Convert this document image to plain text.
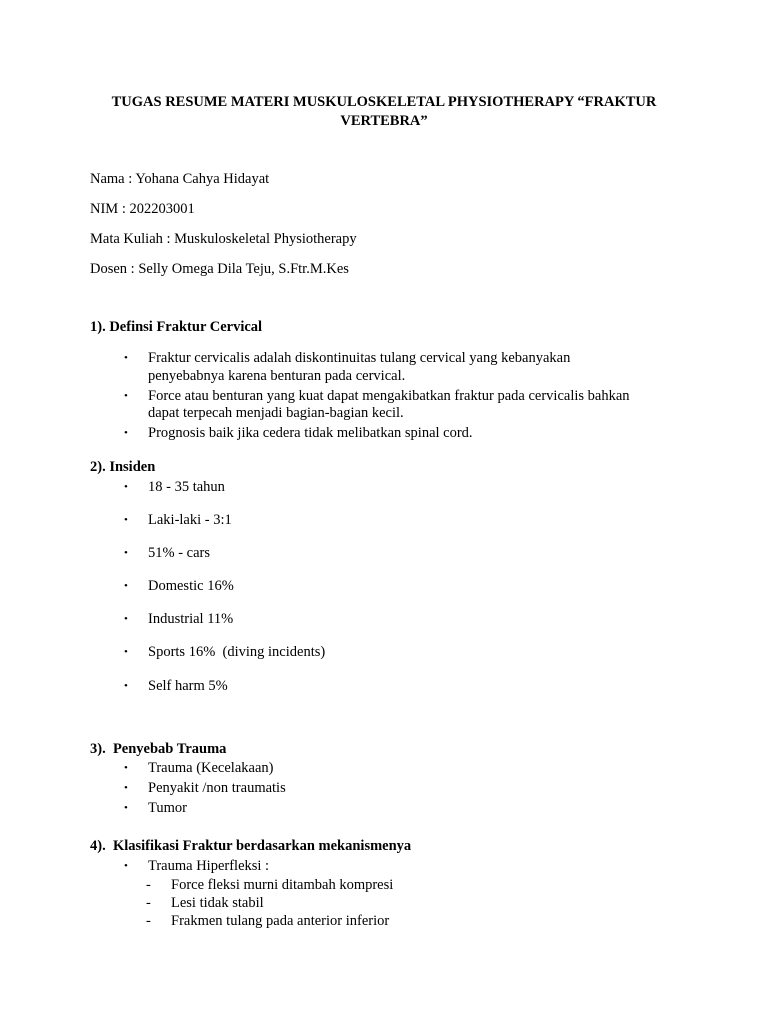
TUGAS RESUME MATERI MUSKULOSKELETAL PHYSIOTHERAPY “FRAKTUR
VERTEBRA”
Nama : Yohana Cahya Hidayat
NIM : 202203001
Mata Kuliah : Muskuloskeletal Physiotherapy
Dosen : Selly Omega Dila Teju, S.Ftr.M.Kes
1). Definsi Fraktur Cervical
• Fraktur cervicalis adalah diskontinuitas tulang cervical yang kebanyakan
penyebabnya karena benturan pada cervical.
• Force atau benturan yang kuat dapat mengakibatkan fraktur pada cervicalis bahkan
dapat terpecah menjadi bagian-bagian kecil.
• Prognosis baik jika cedera tidak melibatkan spinal cord.
2). Insiden
• 18 - 35 tahun
• Laki-laki - 3:1
• 51% - cars
• Domestic 16%
• Industrial 11%
• Sports 16%  (diving incidents)
• Self harm 5%
3).  Penyebab Trauma
• Trauma (Kecelakaan)
• Penyakit /non traumatis
• Tumor
4).  Klasifikasi Fraktur berdasarkan mekanismenya
• Trauma Hiperfleksi :
- Force fleksi murni ditambah kompresi
- Lesi tidak stabil
- Frakmen tulang pada anterior inferior
